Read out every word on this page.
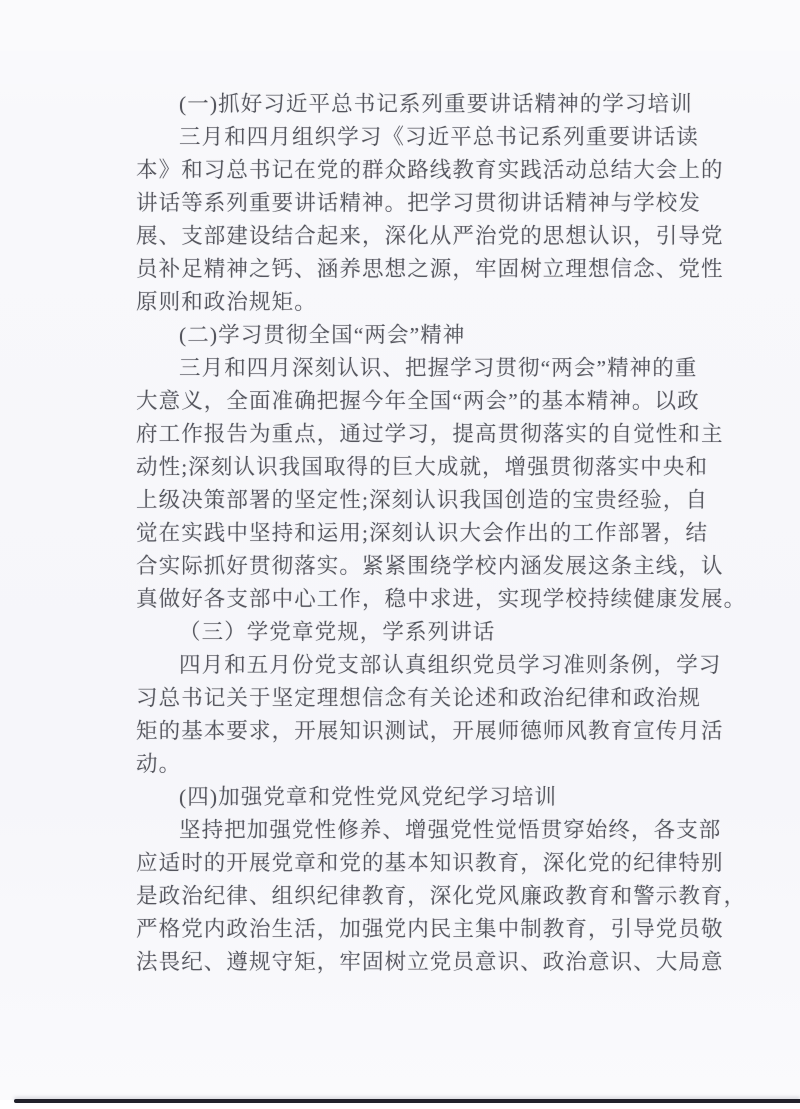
(一)抓好习近平总书记系列重要讲话精神的学习培训
三月和四月组织学习《习近平总书记系列重要讲话读
本》和习总书记在党的群众路线教育实践活动总结大会上的
讲话等系列重要讲话精神。把学习贯彻讲话精神与学校发
展、支部建设结合起来，深化从严治党的思想认识，引导党
员补足精神之钙、涵养思想之源，牢固树立理想信念、党性
原则和政治规矩。
(二)学习贯彻全国“两会”精神
三月和四月深刻认识、把握学习贯彻“两会”精神的重
大意义，全面准确把握今年全国“两会”的基本精神。以政
府工作报告为重点，通过学习，提高贯彻落实的自觉性和主
动性;深刻认识我国取得的巨大成就，增强贯彻落实中央和
上级决策部署的坚定性;深刻认识我国创造的宝贵经验，自
觉在实践中坚持和运用;深刻认识大会作出的工作部署，结
合实际抓好贯彻落实。紧紧围绕学校内涵发展这条主线，认
真做好各支部中心工作，稳中求进，实现学校持续健康发展。
（三）学党章党规，学系列讲话
四月和五月份党支部认真组织党员学习准则条例，学习
习总书记关于坚定理想信念有关论述和政治纪律和政治规
矩的基本要求，开展知识测试，开展师德师风教育宣传月活
动。
(四)加强党章和党性党风党纪学习培训
坚持把加强党性修养、增强党性觉悟贯穿始终，各支部
应适时的开展党章和党的基本知识教育，深化党的纪律特别
是政治纪律、组织纪律教育，深化党风廉政教育和警示教育，
严格党内政治生活，加强党内民主集中制教育，引导党员敬
法畏纪、遵规守矩，牢固树立党员意识、政治意识、大局意
